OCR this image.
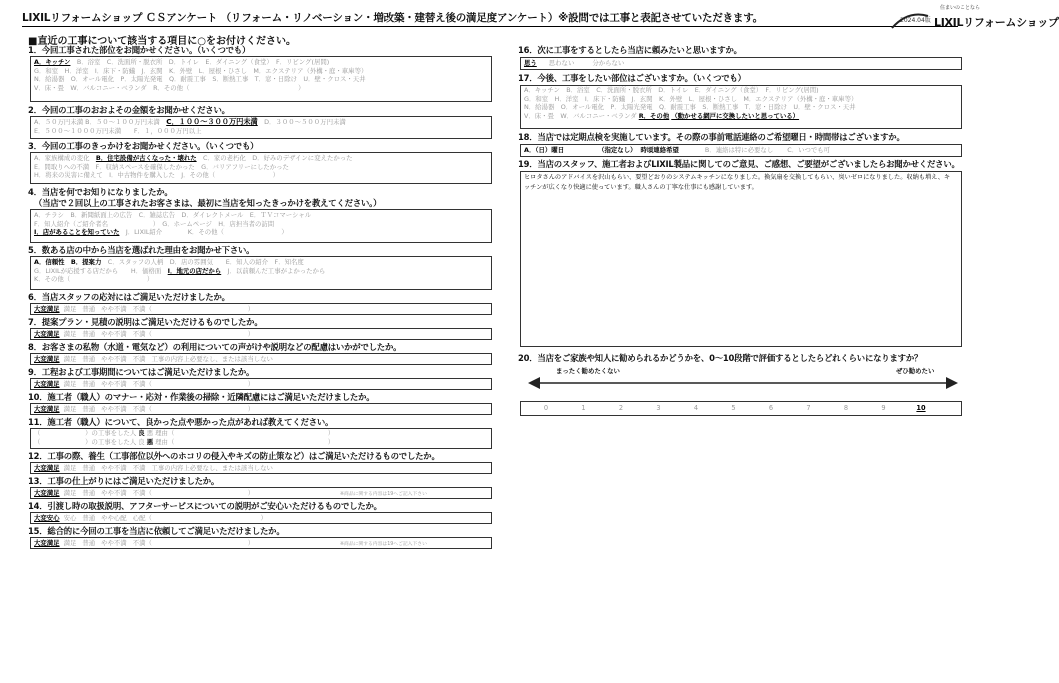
LIXILリフォームショップ ＣＳアンケート （リフォーム・リノベーション・増改築・建替え後の満足度アンケート）※設問では工事と表記させていただきます。	2024.04版
住まいのことなら
LIXILリフォームショップ
■直近の工事について該当する項目に○をお付けください。
1．今回工事された部位をお聞かせください。（いくつでも）
A．キッチン　 B．浴室　C．洗面所・脱衣所　D．トイレ　E．ダイニング（食堂）　F．リビング(居間)
G．和室　H．洋室　I．床下・防蟻　J．玄関　K．外壁　L．屋根・ひさし　M．エクステリア（外構・庭・車庫等）
N．給湯器　O．オール電化　P．太陽光発電　Q．耐震工事　S．断熱工事　T．窓・日除け　U．壁・クロス・天井
V．床・畳　W．バルコニー・ベランダ　R．その他（　　　　　　　　　　　　　　　　　）
2．今回の工事のおおよその金額をお聞かせください。
A．５０万円未満 B．５０～１００万円未満　 C．１００～３００万円未満　 D．３００～５００万円未満
E．５００～１０００万円未満　　F．１，０００万円以上
3．今回の工事のきっかけをお聞かせください。（いくつでも）
A．家族構成の変化　 B．住宅設備が古くなった・壊れた　 C．家の老朽化　D．好みのデザインに変えたかった
E．間取りへの不満　F．収納スペースを確保したかった　G．バリアフリーにしたかった
H．将来の災害に備えて　I．中古物件を購入した　J．その他（　　　　　　　　　）
4．当店を何でお知りになりましたか。
（当店で２回以上の工事されたお客さまは、最初に当店を知ったきっかけを教えてください。）
A．チラシ　B．新聞紙面上の広告　C．雑誌広告　D．ダイレクトメール　E．ＴＶコマーシャル
F．知人紹介（ご紹介者名　　　　　　　）　G．ホームページ　H．店担当者の訪問
I．店があることを知っていた　 J．LIXIL紹介　　　　K．その他（　　　　　　　　　）
5．数ある店の中から当店を選ばれた理由をお聞かせ下さい。
A．信頼性　 B．提案力　 C．スタッフの人柄　D．店の雰囲気　　E．知人の紹介　F．知名度
G．LIXILが応援する店だから　　H．価格面　 I．地元の店だから　 J．以前頼んだ工事がよかったから
K．その他（　　　　　　　　　　　　）
6．当店スタッフの応対にはご満足いただけましたか。
大変満足 満足 普通 やや不満 不満（　　　　　　　　　　　　　　　）
7．提案プラン・見積の説明はご満足いただけるものでしたか。
大変満足 満足 普通 やや不満 不満（　　　　　　　　　　　　　　　）
8．お客さまの私物（水道・電気など）の利用についての声がけや説明などの配慮はいかがでしたか。
大変満足 満足 普通 やや不満 不満 工事の内容上必要なし、または該当しない
9．工程および工事期間についてはご満足いただけましたか。
大変満足 満足 普通 やや不満 不満（　　　　　　　　　　　　　　　）
10．施工者（職人）のマナー・応対・作業後の掃除・近隣配慮にはご満足いただけましたか。
大変満足 満足 普通 やや不満 不満（　　　　　　　　　　　　　　　）
11．施工者（職人）について、良かった点や悪かった点があれば教えてください。
（　　　　　　　）の工事をした人 良 悪 理由（　　　　　　　　　　　　　　　　　　　　　　　　）
（　　　　　　　）の工事をした人 良 悪 理由（　　　　　　　　　　　　　　　　　　　　　　　　）
12．工事の際、養生（工事部位以外へのホコリの侵入やキズの防止策など）はご満足いただけるものでしたか。
大変満足 満足 普通 やや不満 不満 工事の内容上必要なし、または該当しない
13．工事の仕上がりにはご満足いただけましたか。
大変満足 満足 普通 やや不満 不満（　　　　　　　　　　　　　　　）	※商品に関する内容は19へご記入下さい
14．引渡し時の取扱説明、アフターサービスについての説明がご安心いただけるものでしたか。
大変安心 安心 普通 やや心配 心配（　　　　　　　　　　　　　　　　　）
15．総合的に今回の工事を当店に依頼してご満足いただけましたか。
大変満足 満足 普通 やや不満 不満（　　　　　　　　　　　　　　　）	※商品に関する内容は19へご記入下さい
16．次に工事をするとしたら当店に頼みたいと思いますか。
思う 思わない	分からない
17．今後、工事をしたい部位はございますか。（いくつでも）
A．キッチン　B．浴室　C．洗面所・脱衣所　D．トイレ　E．ダイニング（食堂）　F．リビング(居間)
G．和室　H．洋室　I．床下・防蟻　J．玄関　K．外壁　L．屋根・ひさし　M．エクステリア（外構・庭・車庫等）
N．給湯器　O．オール電化　P．太陽光発電　Q．耐震工事　S．断熱工事　T．窓・日除け　U．壁・クロス・天井
V．床・畳　W．バルコニー・ベランダ R．その他 （動かせる網戸に交換したいと思っている）
18．当店では定期点検を実施しています。その際の事前電話連絡のご希望曜日・時間帯はございますか。
A．（日）曜日	（指定なし） 時頃連絡希望	B．連絡は特に必要なし C．いつでも可
19．当店のスタッフ、施工者およびLIXIL製品に関してのご意見、ご感想、ご要望がございましたらお聞かせください。
ヒロタさんのアドバイスを沢山もらい、要望どおりのシステムキッチンになりました。換気扇を交換してもらい、臭いゼロになりました。収納も増え、キッチンが広くなり快適に使っています。職人さんの丁寧な仕事にも感謝しています。
20．当店をご家族や知人に勧められるかどうかを、0～10段階で評価するとしたらどれくらいになりますか？
まったく勧めたくない	ぜひ勧めたい
0	1	2	3	4	5	6	7	8	9	10
